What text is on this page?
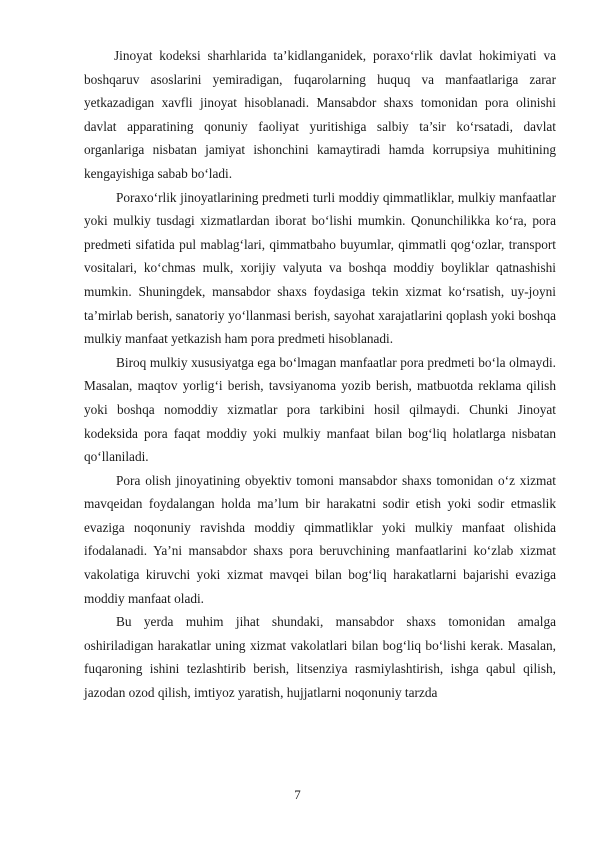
Jinoyat kodeksi sharhlarida ta’kidlanganidek, poraxo‘rlik davlat hokimiyati va boshqaruv asoslarini yemiradigan, fuqarolarning huquq va manfaatlariga zarar yetkazadigan xavfli jinoyat hisoblanadi. Mansabdor shaxs tomonidan pora olinishi davlat apparatining qonuniy faoliyat yuritishiga salbiy ta’sir ko‘rsatadi, davlat organlariga nisbatan jamiyat ishonchini kamaytiradi hamda korrupsiya muhitining kengayishiga sabab bo‘ladi.

Poraxo‘rlik jinoyatlarining predmeti turli moddiy qimmatliklar, mulkiy manfaatlar yoki mulkiy tusdagi xizmatlardan iborat bo‘lishi mumkin. Qonunchilikka ko‘ra, pora predmeti sifatida pul mablag‘lari, qimmatbaho buyumlar, qimmatli qog‘ozlar, transport vositalari, ko‘chmas mulk, xorijiy valyuta va boshqa moddiy boyliklar qatnashishi mumkin. Shuningdek, mansabdor shaxs foydasiga tekin xizmat ko‘rsatish, uy-joyni ta’mirlab berish, sanatoriy yo‘llanmasi berish, sayohat xarajatlarini qoplash yoki boshqa mulkiy manfaat yetkazish ham pora predmeti hisoblanadi.

Biroq mulkiy xususiyatga ega bo‘lmagan manfaatlar pora predmeti bo‘la olmaydi. Masalan, maqtov yorlig‘i berish, tavsiyanoma yozib berish, matbuotda reklama qilish yoki boshqa nomoddiy xizmatlar pora tarkibini hosil qilmaydi. Chunki Jinoyat kodeksida pora faqat moddiy yoki mulkiy manfaat bilan bog‘liq holatlarga nisbatan qo‘llaniladi.

Pora olish jinoyatining obyektiv tomoni mansabdor shaxs tomonidan o‘z xizmat mavqeidan foydalangan holda ma’lum bir harakatni sodir etish yoki sodir etmaslik evaziga noqonuniy ravishda moddiy qimmatliklar yoki mulkiy manfaat olishida ifodalanadi. Ya’ni mansabdor shaxs pora beruvchining manfaatlarini ko‘zlab xizmat vakolatiga kiruvchi yoki xizmat mavqei bilan bog‘liq harakatlarni bajarishi evaziga moddiy manfaat oladi.

Bu yerda muhim jihat shundaki, mansabdor shaxs tomonidan amalga oshiriladigan harakatlar uning xizmat vakolatlari bilan bog‘liq bo‘lishi kerak. Masalan, fuqaroning ishini tezlashtirib berish, litsenziya rasmiylashtirish, ishga qabul qilish, jazodan ozod qilish, imtiyoz yaratish, hujjatlarni noqonuniy tarzda

7
